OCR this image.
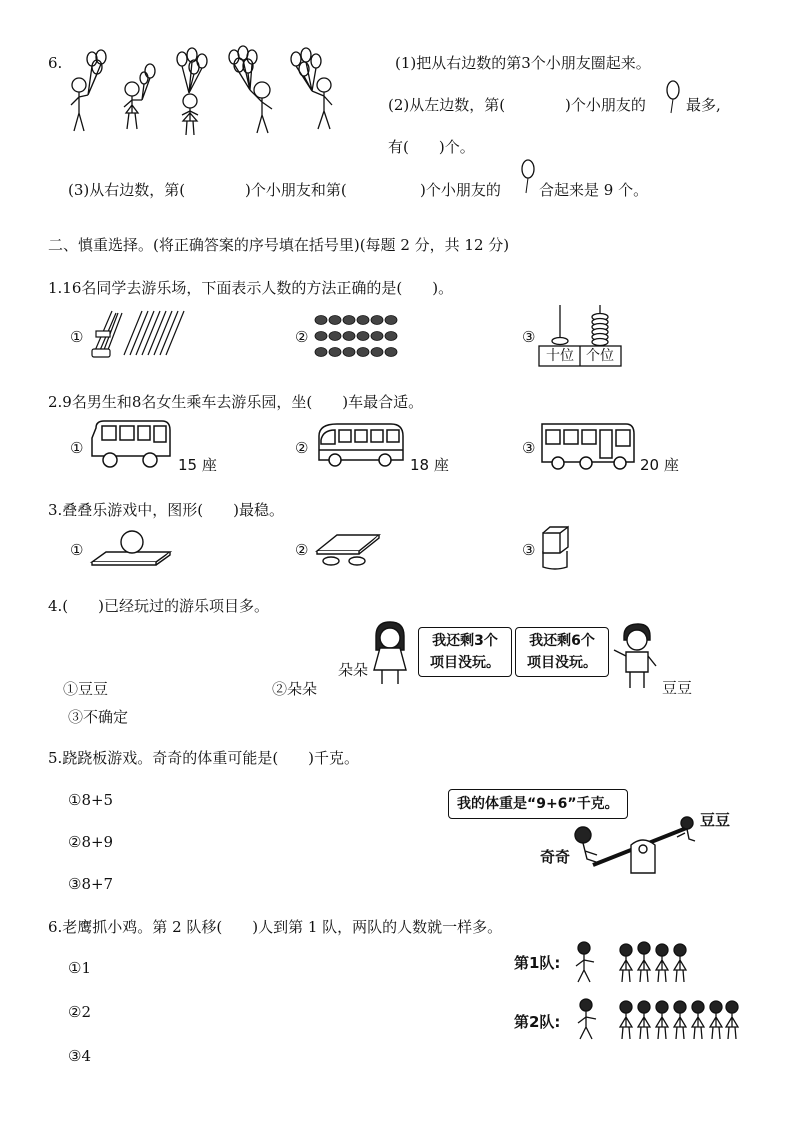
6.	(1)把从右边数的第3个小朋友圈起来。
(2)从左边数，第(	)个小朋友的	最多,
有(　　)个。
(3)从右边数，第(	)个小朋友和第(	)个小朋友的	合起来是 9 个。
二、慎重选择。(将正确答案的序号填在括号里)(每题 2 分，共 12 分)
1.16名同学去游乐场，下面表示人数的方法正确的是(　　)。
①	②	③
十位 个位
2.9名男生和8名女生乘车去游乐园，坐(　　)车最合适。
①
15 座
②
18 座
③
20 座
3.叠叠乐游戏中，图形(　　)最稳。
①	②	③
4.(　　)已经玩过的游乐项目多。
朵朵
我还剩3个
项目没玩。
我还剩6个
项目没玩。
豆豆
①豆豆	②朵朵
③不确定
5.跷跷板游戏。奇奇的体重可能是(　　)千克。
①8+5
②8+9
③8+7
我的体重是“9+6”千克。
奇奇
豆豆
6.老鹰抓小鸡。第 2 队移(　　)人到第 1 队，两队的人数就一样多。
①1
②2
③4
第1队:
第2队:
